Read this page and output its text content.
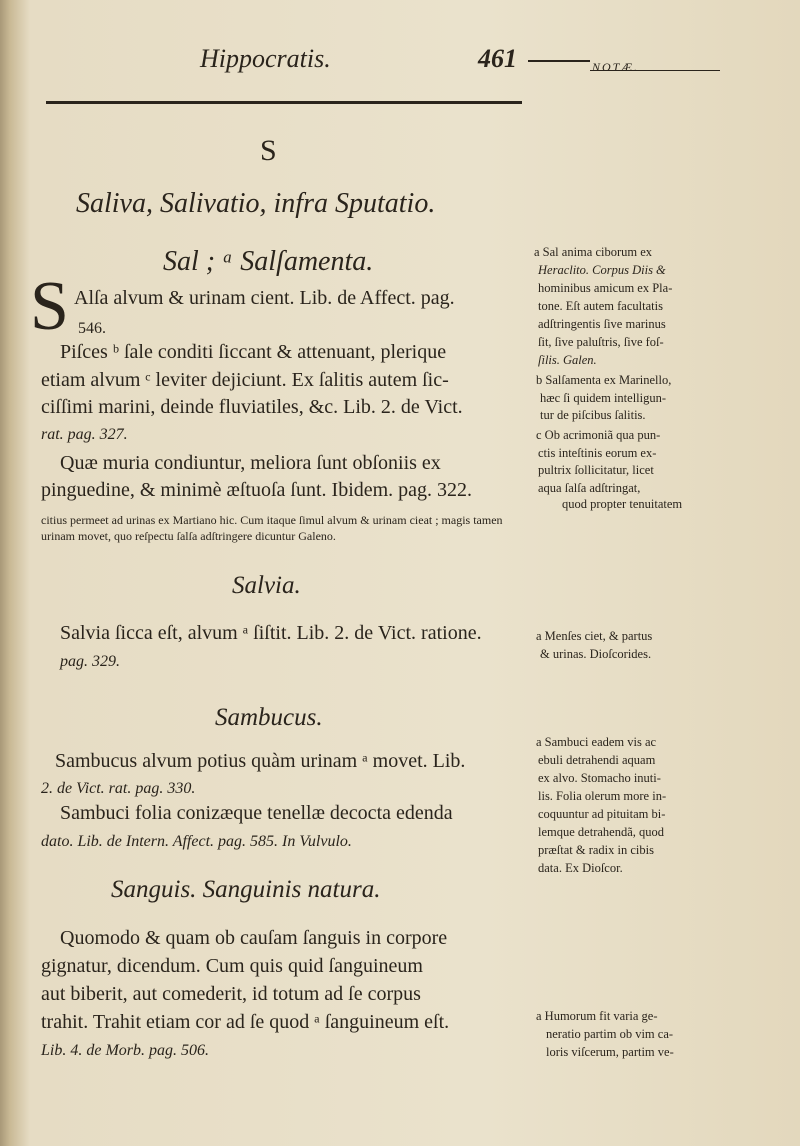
Hippocratis.	461	NOTÆ.
S
Saliva, Salivatio, infra Sputatio.
Sal ; ᵃ Salſamenta.
S Alſa alvum & urinam cient. Lib. de Affect. pag.
546.
Piſces ᵇ ſale conditi ſiccant & attenuant, plerique
etiam alvum ᶜ leviter dejiciunt. Ex ſalitis autem ſic-
ciſſimi marini, deinde fluviatiles, &c. Lib. 2. de Vict.
rat. pag. 327.
Quæ muria condiuntur, meliora ſunt obſoniis ex
pinguedine, & minimè æſtuoſa ſunt. Ibidem. pag. 322.
citius permeet ad urinas ex Martiano hic. Cum itaque ſimul alvum & urinam cieat ; magis tamen
urinam movet, quo reſpectu ſalſa adſtringere dicuntur Galeno.
a Sal anima ciborum ex
Heraclito. Corpus Diis &
hominibus amicum ex Pla-
tone. Eſt autem facultatis
adſtringentis ſive marinus
ſit, ſive paluſtris, ſive foſ-
ſilis. Galen.
b Salſamenta ex Marinello,
hæc ſi quidem intelligun-
tur de piſcibus ſalitis.
c Ob acrimoniã qua pun-
ctis inteſtinis eorum ex-
pultrix ſollicitatur, licet
aqua ſalſa adſtringat,
quod propter tenuitatem
Salvia.
Salvia ſicca eſt, alvum ᵃ ſiſtit. Lib. 2. de Vict. ratione.
pag. 329.
a Menſes ciet, & partus
& urinas. Dioſcorides.
Sambucus.
Sambucus alvum potius quàm urinam ᵃ movet. Lib.
2. de Vict. rat. pag. 330.
Sambuci folia conizæque tenellæ decocta edenda
dato. Lib. de Intern. Affect. pag. 585. In Vulvulo.
a Sambuci eadem vis ac
ebuli detrahendi aquam
ex alvo. Stomacho inuti-
lis. Folia olerum more in-
coquuntur ad pituitam bi-
lemque detrahendã, quod
præſtat & radix in cibis
data. Ex Dioſcor.
Sanguis. Sanguinis natura.
Quomodo & quam ob cauſam ſanguis in corpore
gignatur, dicendum. Cum quis quid ſanguineum
aut biberit, aut comederit, id totum ad ſe corpus
trahit. Trahit etiam cor ad ſe quod ᵃ ſanguineum eſt.
Lib. 4. de Morb. pag. 506.
a Humorum fit varia ge-
neratio partim ob vim ca-
loris viſcerum, partim ve-
